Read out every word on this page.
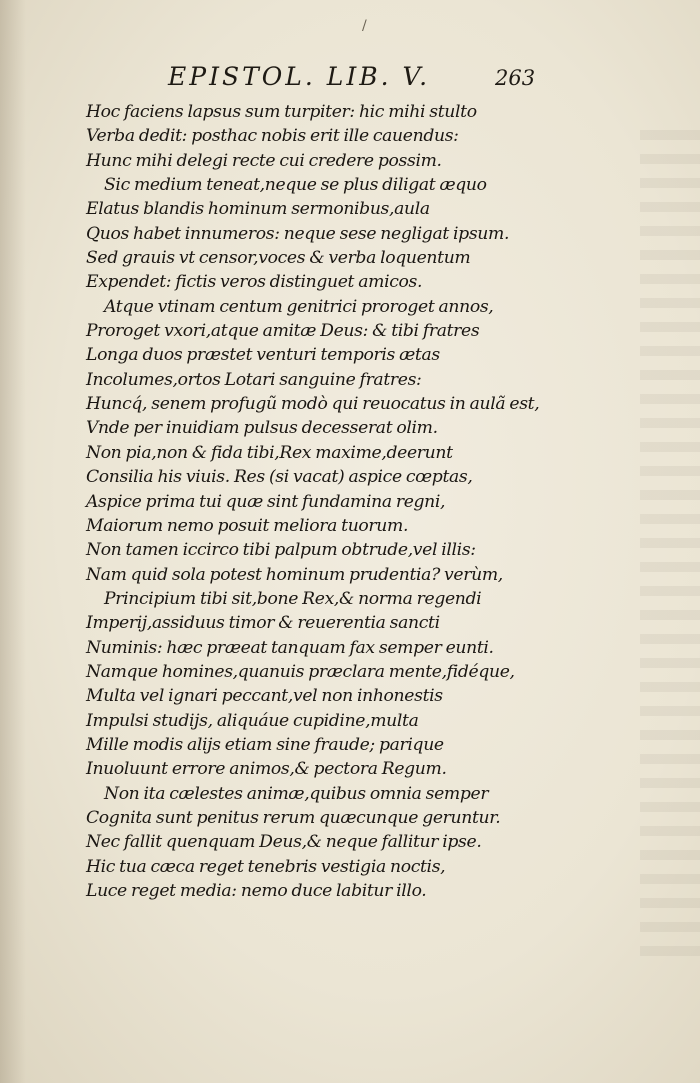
/
EPISTOL. LIB. V.	263
Hoc faciens lapsus sum turpiter: hic mihi stulto
Verba dedit: posthac nobis erit ille cauendus:
Hunc mihi delegi recte cui credere possim.
Sic medium teneat,neque se plus diligat æquo
Elatus blandis hominum sermonibus,aula
Quos habet innumeros: neque sese negligat ipsum.
Sed grauis vt censor,voces & verba loquentum
Expendet: fictis veros distinguet amicos.
Atque vtinam centum genitrici proroget annos,
Proroget vxori,atque amitæ Deus: & tibi fratres
Longa duos præstet venturi temporis ætas
Incolumes,ortos Lotari sanguine fratres:
Huncq́, senem profugũ modò qui reuocatus in aulã est,
Vnde per inuidiam pulsus decesserat olim.
Non pia,non & fida tibi,Rex maxime,deerunt
Consilia his viuis. Res (si vacat) aspice cœptas,
Aspice prima tui quæ sint fundamina regni,
Maiorum nemo posuit meliora tuorum.
Non tamen iccirco tibi palpum obtrude,vel illis:
Nam quid sola potest hominum prudentia? verùm,
Principium tibi sit,bone Rex,& norma regendi
Imperij,assiduus timor & reuerentia sancti
Numinis: hæc præeat tanquam fax semper eunti.
Namque homines,quanuis præclara mente,fidéque,
Multa vel ignari peccant,vel non inhonestis
Impulsi studijs, aliquáue cupidine,multa
Mille modis alijs etiam sine fraude; parique
Inuoluunt errore animos,& pectora Regum.
Non ita cælestes animæ,quibus omnia semper
Cognita sunt penitus rerum quæcunque geruntur.
Nec fallit quenquam Deus,& neque fallitur ipse.
Hic tua cæca reget tenebris vestigia noctis,
Luce reget media: nemo duce labitur illo.
